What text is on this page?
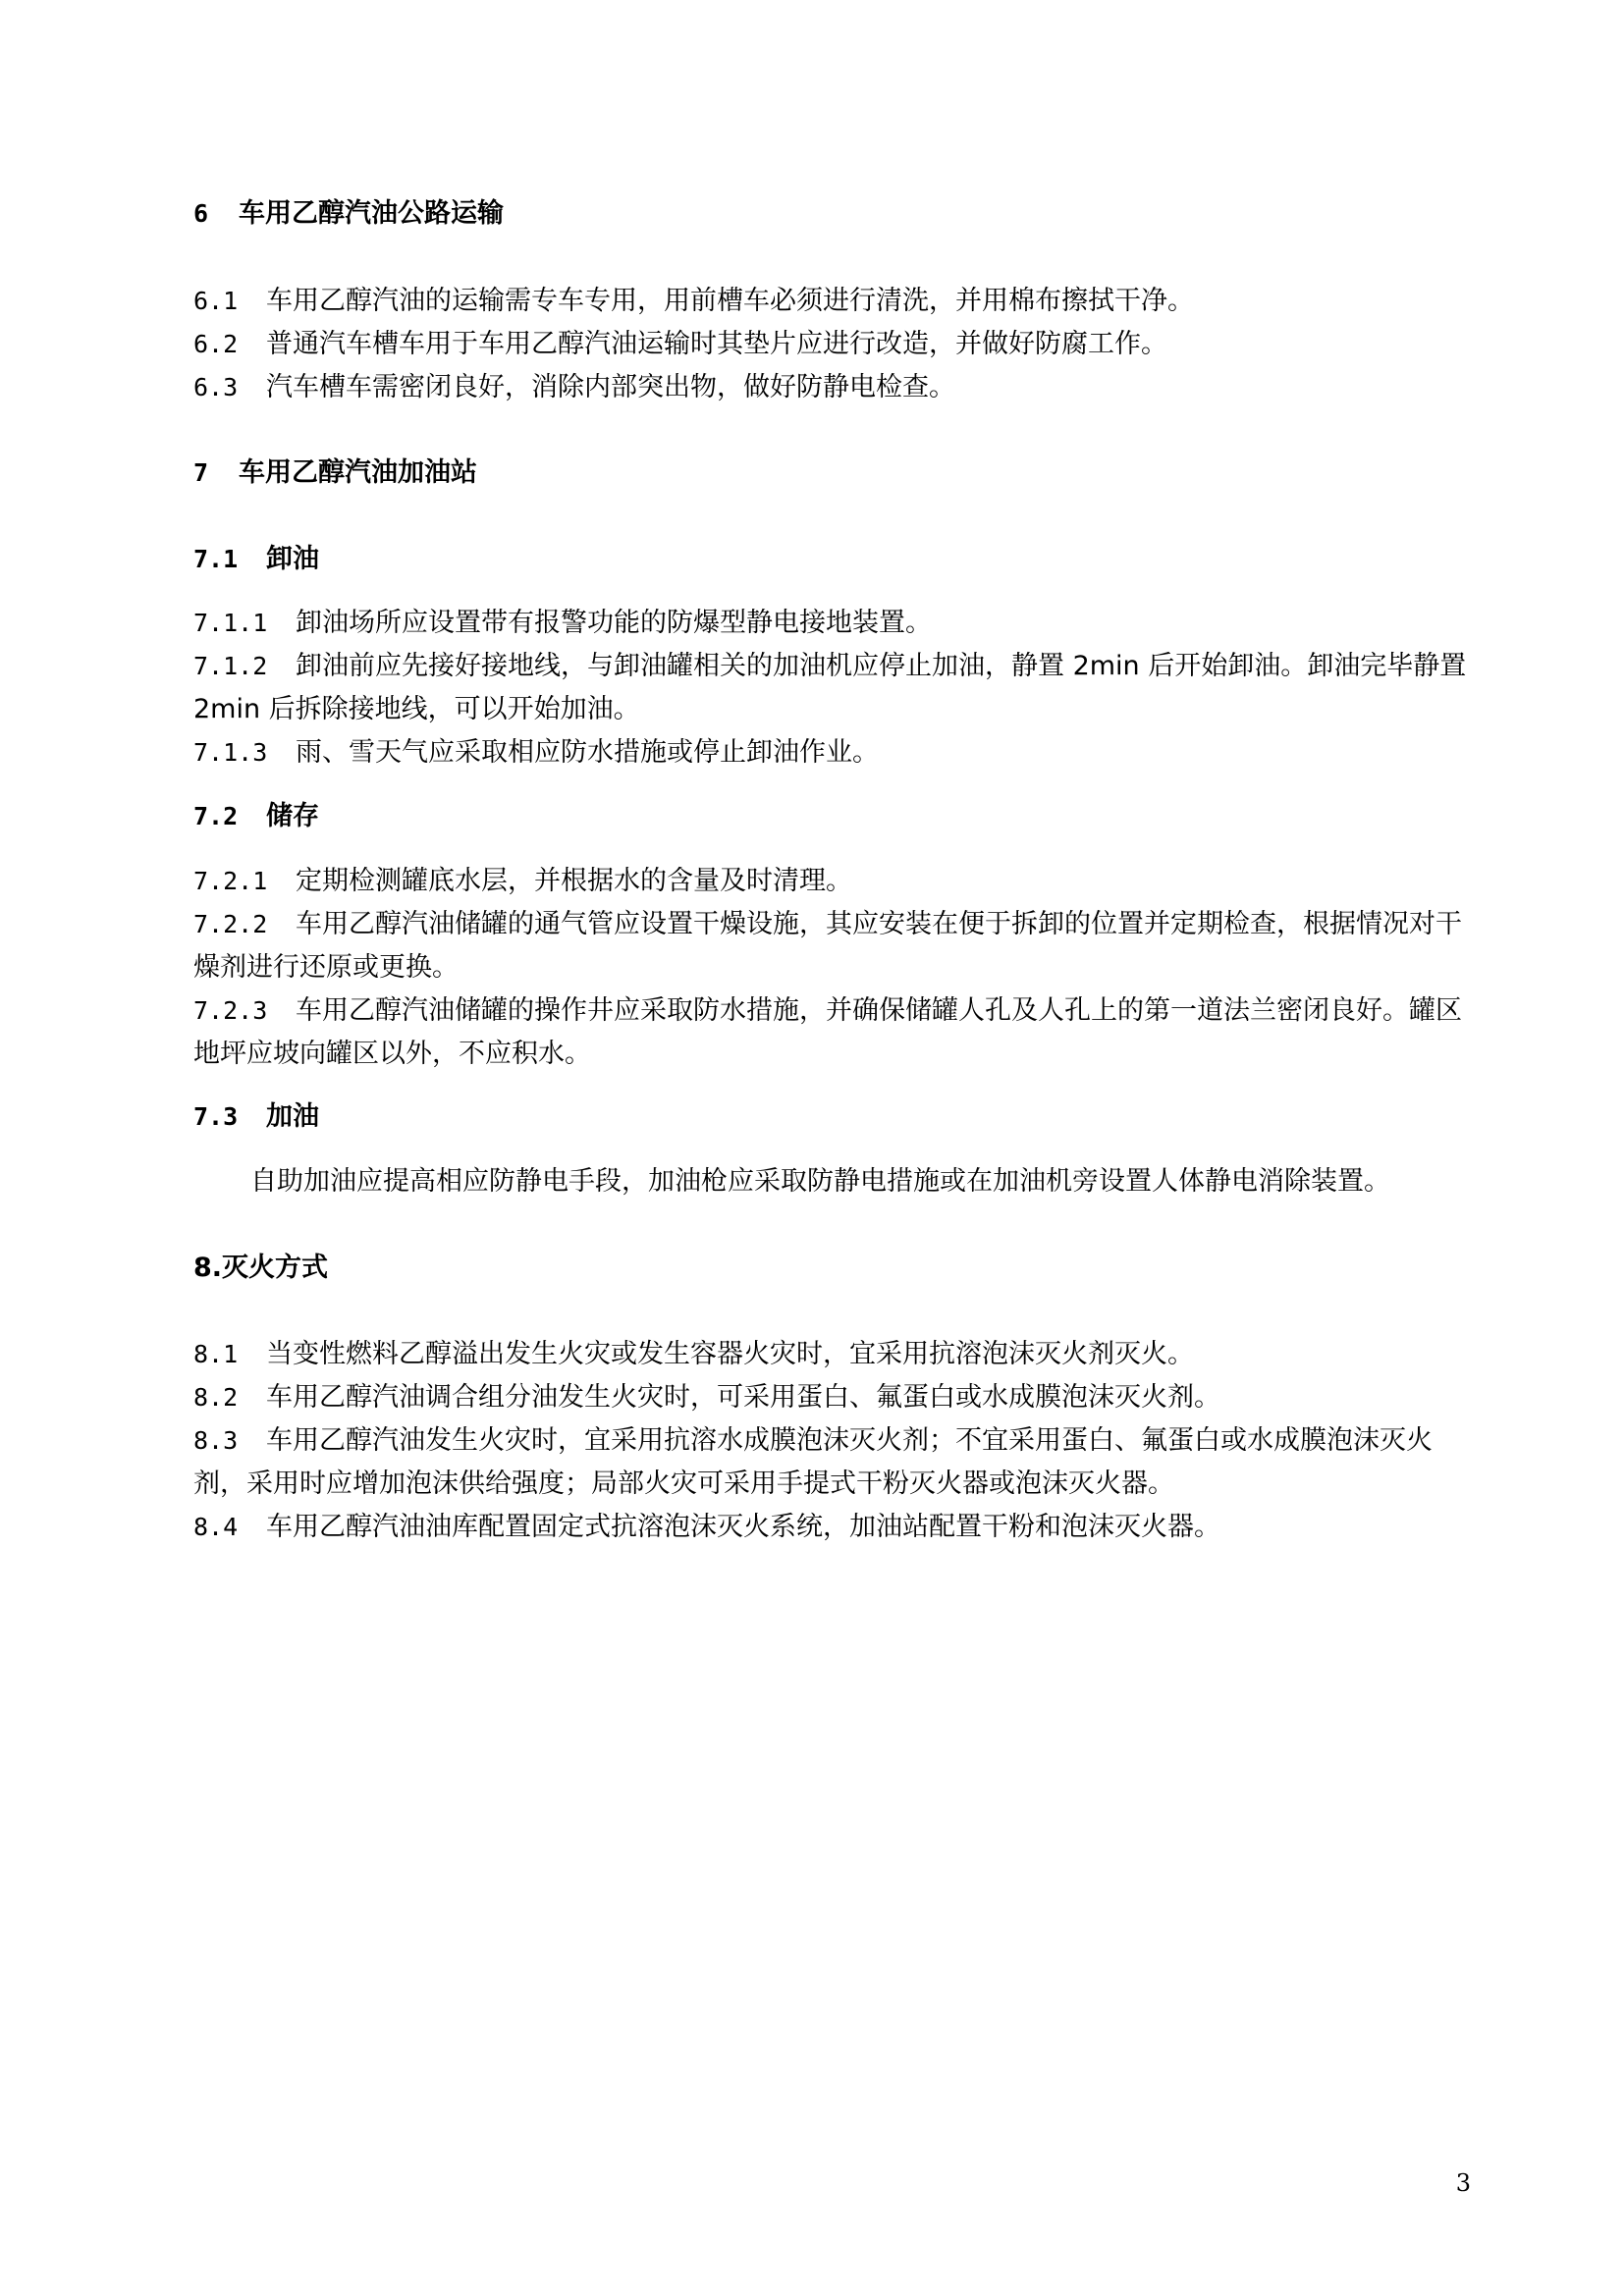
6 车用乙醇汽油公路运输

6.1 车用乙醇汽油的运输需专车专用，用前槽车必须进行清洗，并用棉布擦拭干净。

6.2 普通汽车槽车用于车用乙醇汽油运输时其垫片应进行改造，并做好防腐工作。

6.3 汽车槽车需密闭良好，消除内部突出物，做好防静电检查。

7 车用乙醇汽油加油站

7.1 卸油

7.1.1 卸油场所应设置带有报警功能的防爆型静电接地装置。

7.1.2 卸油前应先接好接地线，与卸油罐相关的加油机应停止加油，静置 2min 后开始卸油。卸油完毕静置 2min 后拆除接地线，可以开始加油。

7.1.3 雨、雪天气应采取相应防水措施或停止卸油作业。

7.2 储存

7.2.1 定期检测罐底水层，并根据水的含量及时清理。

7.2.2 车用乙醇汽油储罐的通气管应设置干燥设施，其应安装在便于拆卸的位置并定期检查，根据情况对干燥剂进行还原或更换。

7.2.3 车用乙醇汽油储罐的操作井应采取防水措施，并确保储罐人孔及人孔上的第一道法兰密闭良好。罐区地坪应坡向罐区以外，不应积水。

7.3 加油

自助加油应提高相应防静电手段，加油枪应采取防静电措施或在加油机旁设置人体静电消除装置。

8.灭火方式

8.1 当变性燃料乙醇溢出发生火灾或发生容器火灾时，宜采用抗溶泡沫灭火剂灭火。

8.2 车用乙醇汽油调合组分油发生火灾时，可采用蛋白、氟蛋白或水成膜泡沫灭火剂。

8.3 车用乙醇汽油发生火灾时，宜采用抗溶水成膜泡沫灭火剂；不宜采用蛋白、氟蛋白或水成膜泡沫灭火剂，采用时应增加泡沫供给强度；局部火灾可采用手提式干粉灭火器或泡沫灭火器。

8.4 车用乙醇汽油油库配置固定式抗溶泡沫灭火系统，加油站配置干粉和泡沫灭火器。

3
